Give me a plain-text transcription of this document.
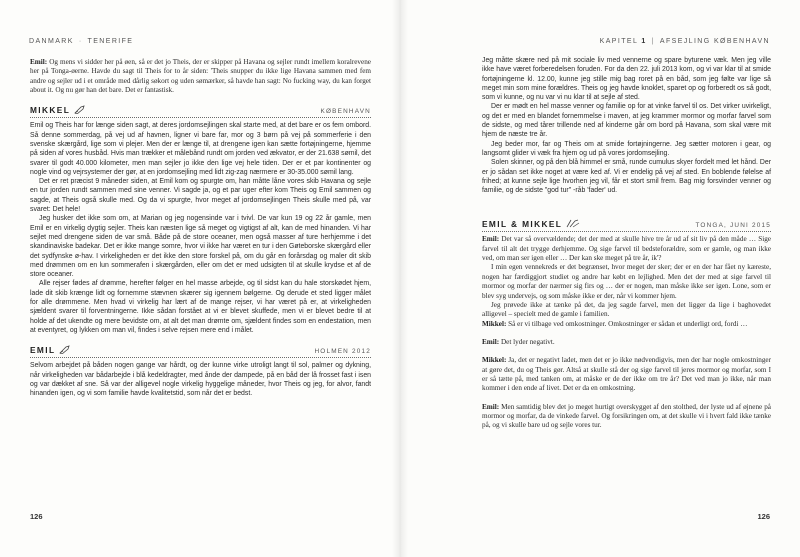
DANMARK · TENERIFE

Emil: Og mens vi sidder her på øen, så er det jo Theis, der er skipper på Havana og sejler rundt imellem koralrevene her på Tonga-øerne. Havde du sagt til Theis for to år siden: 'Theis snupper du ikke lige Havana sammen med fem andre og sejler ud i et område med dårlig søkort og uden sømærker, så havde han sagt: No fucking way, du kan forget about it. Og nu gør han det bare. Det er fantastisk.

MIKKEL	KØBENHAVN

Emil og Theis har for længe siden sagt, at deres jordomsejlingen skal starte med, at det bare er os fem ombord. Så denne sommerdag, på vej ud af havnen, ligner vi bare far, mor og 3 børn på vej på sommerferie i den svenske skærgård, lige som vi plejer. Men der er længe til, at drengene igen kan sætte fortøjningerne, hjemme på siden af vores husbåd. Hvis man trækker et målebånd rundt om jorden ved ækvator, er der 21.638 sømil, det svarer til godt 40.000 kilometer, men man sejler jo ikke den lige vej hele tiden. Der er et par kontinenter og nogle vind og vejrsystemer der gør, at en jordomsejling med lidt zig-zag nærmere er 30-35.000 sømil lang.

Det er ret præcist 9 måneder siden, at Emil kom og spurgte om, han måtte låne vores skib Havana og sejle en tur jorden rundt sammen med sine venner. Vi sagde ja, og et par uger efter kom Theis og Emil sammen og sagde, at Theis også skulle med. Og da vi spurgte, hvor meget af jordomsejlingen Theis skulle med på, var svaret: Det hele!

Jeg husker det ikke som om, at Marian og jeg nogensinde var i tvivl. De var kun 19 og 22 år gamle, men Emil er en virkelig dygtig sejler. Theis kan næsten lige så meget og vigtigst af alt, kan de med hinanden. Vi har sejlet med drengene siden de var små. Både på de store oceaner, men også masser af ture herhjemme i det skandinaviske badekar. Det er ikke mange somre, hvor vi ikke har været en tur i den Gøteborske skærgård eller det sydfynske ø-hav. I virkeligheden er det ikke den store forskel på, om du går en forårsdag og maler dit skib med drømmen om en lun sommerafen i skærgården, eller om det er med udsigten til at skulle krydse et af de store oceaner.

Alle rejser fødes af drømme, herefter følger en hel masse arbejde, og til sidst kan du hale storskødet hjem, lade dit skib krænge lidt og fornemme stævnen skærer sig igennem bølgerne. Og derude et sted ligger målet for alle drømmene. Men hvad vi virkelig har lært af de mange rejser, vi har været på er, at virkeligheden sjældent svarer til forventningerne. Ikke sådan forstået at vi er blevet skuffede, men vi er blevet bedre til at holde af det ukendte og mere bevidste om, at alt det man drømte om, sjældent findes som en endestation, men at eventyret, og lykken om man vil, findes i selve rejsen mere end i målet.

EMIL	HOLMEN 2012

Selvom arbejdet på båden nogen gange var hårdt, og der kunne virke utroligt langt til sol, palmer og dykning, når virkeligheden var bådarbejde i blå kedeldragter, med ånde der dampede, på en båd der lå frosset fast i isen og var dækket af sne. Så var der alligevel nogle virkelig hyggelige måneder, hvor Theis og jeg, for alvor, fandt hinanden igen, og vi som familie havde kvalitetstid, som når det er bedst.

126
KAPITEL 1 | AFSEJLING KØBENHAVN

Jeg måtte skære ned på mit sociale liv med vennerne og spare byturene væk. Men jeg ville ikke have været forberedelsen foruden. For da den 22. juli 2013 kom, og vi var klar til at smide fortøjningerne kl. 12.00, kunne jeg stille mig bag roret på en båd, som jeg følte var lige så meget min som mine forældres. Theis og jeg havde knoklet, sparet op og forberedt os så godt, som vi kunne, og nu var vi nu klar til at sejle af sted.

Der er mødt en hel masse venner og familie op for at vinke farvel til os. Det virker uvirkeligt, og det er med en blandet fornemmelse i maven, at jeg krammer mormor og morfar farvel som de sidste, og med tårer trillende ned af kinderne går om bord på Havana, som skal være mit hjem de næste tre år.

Jeg beder mor, far og Theis om at smide fortøjningerne. Jeg sætter motoren i gear, og langsomt glider vi væk fra hjem og ud på vores jordomsejling.

Solen skinner, og på den blå himmel er små, runde cumulus skyer fordelt med let hånd. Der er jo sådan set ikke noget at være ked af. Vi er endelig på vej af sted. En boblende følelse af frihed; at kunne sejle lige hvorhen jeg vil, får et stort smil frem. Bag mig forsvinder venner og familie, og de sidste "god tur" -råb 'fader' ud.

EMIL & MIKKEL	TONGA, JUNI 2015

Emil: Det var så overvældende; det der med at skulle hive tre år ud af sit liv på den måde … Sige farvel til alt det trygge derhjemme. Og sige farvel til bedsteforældre, som er gamle, og man ikke ved, om man ser igen eller … Der kan ske meget på tre år, ik'?

I min egen vennekreds er det begrænset, hvor meget der sker; der er en der har fået ny kæreste, nogen har færdiggjort studiet og andre har købt en lejlighed. Men det der med at sige farvel til mormor og morfar der nærmer sig firs og … der er nogen, man måske ikke ser igen. Lone, som er blev syg undervejs, og som måske ikke er der, når vi kommer hjem.

Jeg prøvede ikke at tænke på det, da jeg sagde farvel, men det ligger da lige i baghovedet alligevel – specielt med de gamle i familien.

Mikkel: Så er vi tilbage ved omkostninger. Omkostninger er sådan et underligt ord, fordi …

Emil: Det lyder negativt.

Mikkel: Ja, det er negativt ladet, men det er jo ikke nødvendigvis, men der har nogle omkostninger at gøre det, du og Theis gør. Altså at skulle stå der og sige farvel til jeres mormor og morfar, som I er så tætte på, med tanken om, at måske er de der ikke om tre år? Det ved man jo ikke, når man kommer i den ende af livet. Det er da en omkostning.

Emil: Men samtidig blev det jo meget hurtigt overskygget af den stolthed, der lyste ud af øjnene på mormor og morfar, da de vinkede farvel. Og forsikringen om, at det skulle vi i hvert fald ikke tænke på, og vi skulle bare ud og sejle vores tur.

126
